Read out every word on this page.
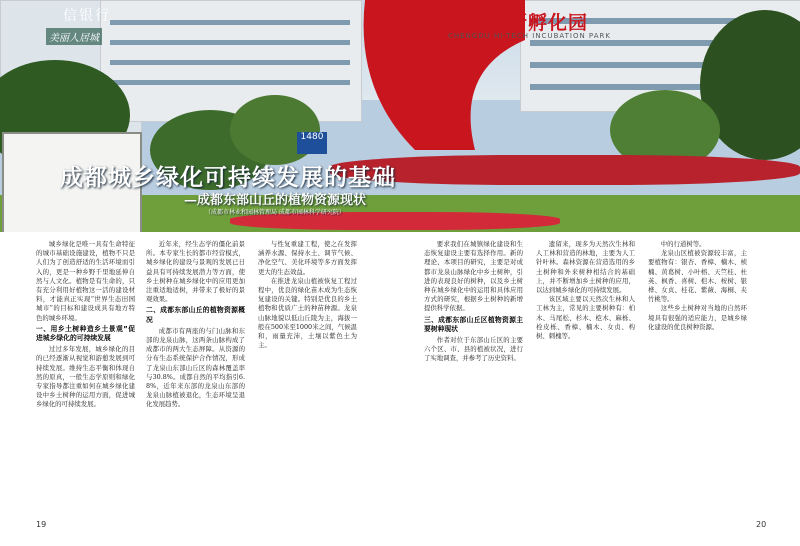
1480
信银行
美丽人居城
成都高新孵化园
CHENGDU HI-TECH INCUBATION PARK
成都城乡绿化可持续发展的基础
—成都东部山丘的植物资源现状
（成都市林业和园林管理局 成都市园林科学研究院）

城乡绿化是唯一具有生命特征的城市基础设施建设，植物不只是人们为了创造舒适的生活环境而引入的，更是一种乡野千里地延伸自然与人文化。植物是有生命的，只有充分利用好植物这一活的建设材料，才能真正实现“世界生态田园城市”的目标和建设成具有地方特色的城乡环境。

一、用乡土树种造乡土景观”促进城乡绿化的可持续发展

过过多年发展，城乡绿化的目的已经逐渐从视觉和游憩发展到可持续发展。维持生态平衡和体现自然的原真，一般生态学原则和绿化专家指导都注重如何在城乡绿化建设中乡土树种的运用方面，促进城乡绿化的可持续发展。

近年来，经生态学的僵化前景所。本专家生长的都市经营模式，城乡绿化的建设与景观的发展已日益具有可持续发展潜力等方面，使乡土树种在城乡绿化中的应用更加注重适地适树，并带来了极好的景观效果。

二、成都东部山丘的植物资源概况

成都市有两座的与门山脉和东部的龙泉山脉，这两条山脉构成了成都市的两大生态屏障。从资源的分布生态系统保护合作情况，形成了龙泉山东部山丘区的森林覆盖率与30.8%。成都自然的平均指引6.8%，近年来东部的龙泉山东部的龙泉山脉植被退化，生态环境呈退化发展趋势。

与性复重建工程，使之在发挥涵养水源、保持水土、调节气候、净化空气、美化环境等多方面发挥更大的生态效益。

在推进龙泉山植被恢复工程过程中，优良的绿化苗木成为生态恢复建设的关键。特别是优良的乡土植物和优质广土的种苗种源。龙泉山脉地貌以低山丘陵为主，海拔一般在500米至1000米之间，气候温和，雨量充沛，土壤以紫色土为主。

要求我们在城镇绿化建设和生态恢复建设主要有选择作用。新的理论、本项目的研究，主要是对成都市龙泉山脉绿化中乡土树种，引进的表现良好的树种，以及乡土树种在城乡绿化中的运用和具体应用方式的研究，根据乡土树种的新增提供科学依据。

三、成都东部山丘区植物资源主要树种现状

作者对位于东部山丘区的主要六个区、市、县的植被状况，进行了实地调查，并参考了历史资料。

遗留来，现多为天然次生林和人工林和营造的林地，主要为人工针叶林。森林资源在营造选用的乡土树种和外来树种相结合的基础上，并不断增加乡土树种的应用，以达到城乡绿化的可持续发展。

该区域主要以天然次生林和人工林为主，常见的主要树种有：柏木、马尾松、杉木、桤木、麻栎、栓皮栎、香樟、楠木、女贞、构树、刺槐等。

中的行道树等。

龙泉山区植被资源较丰富，主要植物有：银杏、香樟、楠木、桢楠、黄葛树、小叶榕、天竺桂、杜英、枫香、喜树、桤木、桉树、银桦、女贞、桂花、紫薇、海桐、夹竹桃等。

这些乡土树种对当地的自然环境具有很强的适应能力，是城乡绿化建设的优良树种资源。

19	20
